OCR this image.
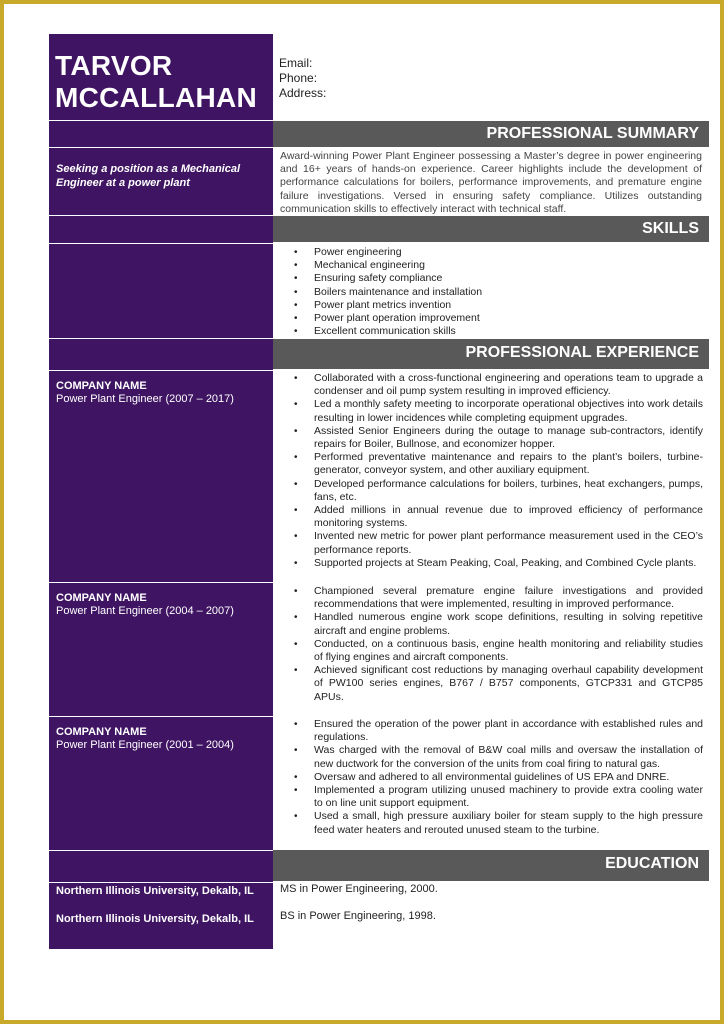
TARVOR
MCCALLAHAN
Email:
Phone:
Address:
PROFESSIONAL SUMMARY
Seeking a position as a Mechanical Engineer at a power plant
Award-winning Power Plant Engineer possessing a Master’s degree in power engineering and 16+ years of hands-on experience. Career highlights include the development of performance calculations for boilers, performance improvements, and premature engine failure investigations. Versed in ensuring safety compliance. Utilizes outstanding communication skills to effectively interact with technical staff.
SKILLS
• Power engineering
• Mechanical engineering
• Ensuring safety compliance
• Boilers maintenance and installation
• Power plant metrics invention
• Power plant operation improvement
• Excellent communication skills
PROFESSIONAL EXPERIENCE
COMPANY NAME
Power Plant Engineer (2007 – 2017)
• Collaborated with a cross-functional engineering and operations team to upgrade a condenser and oil pump system resulting in improved efficiency.
• Led a monthly safety meeting to incorporate operational objectives into work details resulting in lower incidences while completing equipment upgrades.
• Assisted Senior Engineers during the outage to manage sub-contractors, identify repairs for Boiler, Bullnose, and economizer hopper.
• Performed preventative maintenance and repairs to the plant’s boilers, turbine-generator, conveyor system, and other auxiliary equipment.
• Developed performance calculations for boilers, turbines, heat exchangers, pumps, fans, etc.
• Added millions in annual revenue due to improved efficiency of performance monitoring systems.
• Invented new metric for power plant performance measurement used in the CEO’s performance reports.
• Supported projects at Steam Peaking, Coal, Peaking, and Combined Cycle plants.
COMPANY NAME
Power Plant Engineer (2004 – 2007)
• Championed several premature engine failure investigations and provided recommendations that were implemented, resulting in improved performance.
• Handled numerous engine work scope definitions, resulting in solving repetitive aircraft and engine problems.
• Conducted, on a continuous basis, engine health monitoring and reliability studies of flying engines and aircraft components.
• Achieved significant cost reductions by managing overhaul capability development of PW100 series engines, B767 / B757 components, GTCP331 and GTCP85 APUs.
COMPANY NAME
Power Plant Engineer (2001 – 2004)
• Ensured the operation of the power plant in accordance with established rules and regulations.
• Was charged with the removal of B&W coal mills and oversaw the installation of new ductwork for the conversion of the units from coal firing to natural gas.
• Oversaw and adhered to all environmental guidelines of US EPA and DNRE.
• Implemented a program utilizing unused machinery to provide extra cooling water to on line unit support equipment.
• Used a small, high pressure auxiliary boiler for steam supply to the high pressure feed water heaters and rerouted unused steam to the turbine.
EDUCATION
Northern Illinois University, Dekalb, IL
Northern Illinois University, Dekalb, IL
MS in Power Engineering, 2000.
BS in Power Engineering, 1998.
